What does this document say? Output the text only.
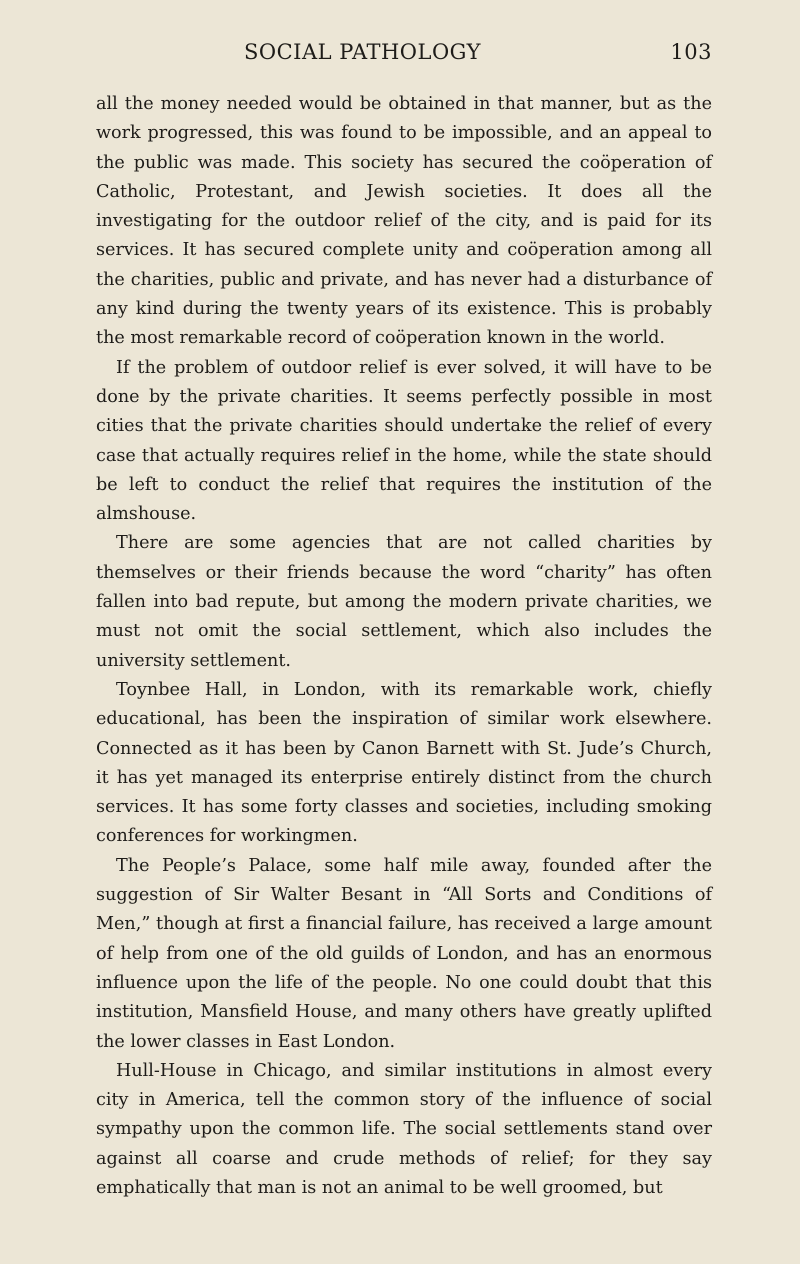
SOCIAL PATHOLOGY	103

all the money needed would be obtained in that manner, but as the work progressed, this was found to be impossible, and an appeal to the public was made. This society has secured the coöperation of Catholic, Protestant, and Jewish societies. It does all the investigating for the outdoor relief of the city, and is paid for its services. It has secured complete unity and coöperation among all the charities, public and private, and has never had a disturbance of any kind during the twenty years of its existence. This is probably the most remarkable record of coöperation known in the world.

If the problem of outdoor relief is ever solved, it will have to be done by the private charities. It seems perfectly possible in most cities that the private charities should undertake the relief of every case that actually requires relief in the home, while the state should be left to conduct the relief that requires the institution of the almshouse.

There are some agencies that are not called charities by themselves or their friends because the word “charity” has often fallen into bad repute, but among the modern private charities, we must not omit the social settlement, which also includes the university settlement.

Toynbee Hall, in London, with its remarkable work, chiefly educational, has been the inspiration of similar work elsewhere. Connected as it has been by Canon Barnett with St. Jude’s Church, it has yet managed its enterprise entirely distinct from the church services. It has some forty classes and societies, including smoking conferences for workingmen.

The People’s Palace, some half mile away, founded after the suggestion of Sir Walter Besant in “All Sorts and Conditions of Men,” though at first a financial failure, has received a large amount of help from one of the old guilds of London, and has an enormous influence upon the life of the people. No one could doubt that this institution, Mansfield House, and many others have greatly uplifted the lower classes in East London.

Hull-House in Chicago, and similar institutions in almost every city in America, tell the common story of the influence of social sympathy upon the common life. The social settlements stand over against all coarse and crude methods of relief; for they say emphatically that man is not an animal to be well groomed, but
